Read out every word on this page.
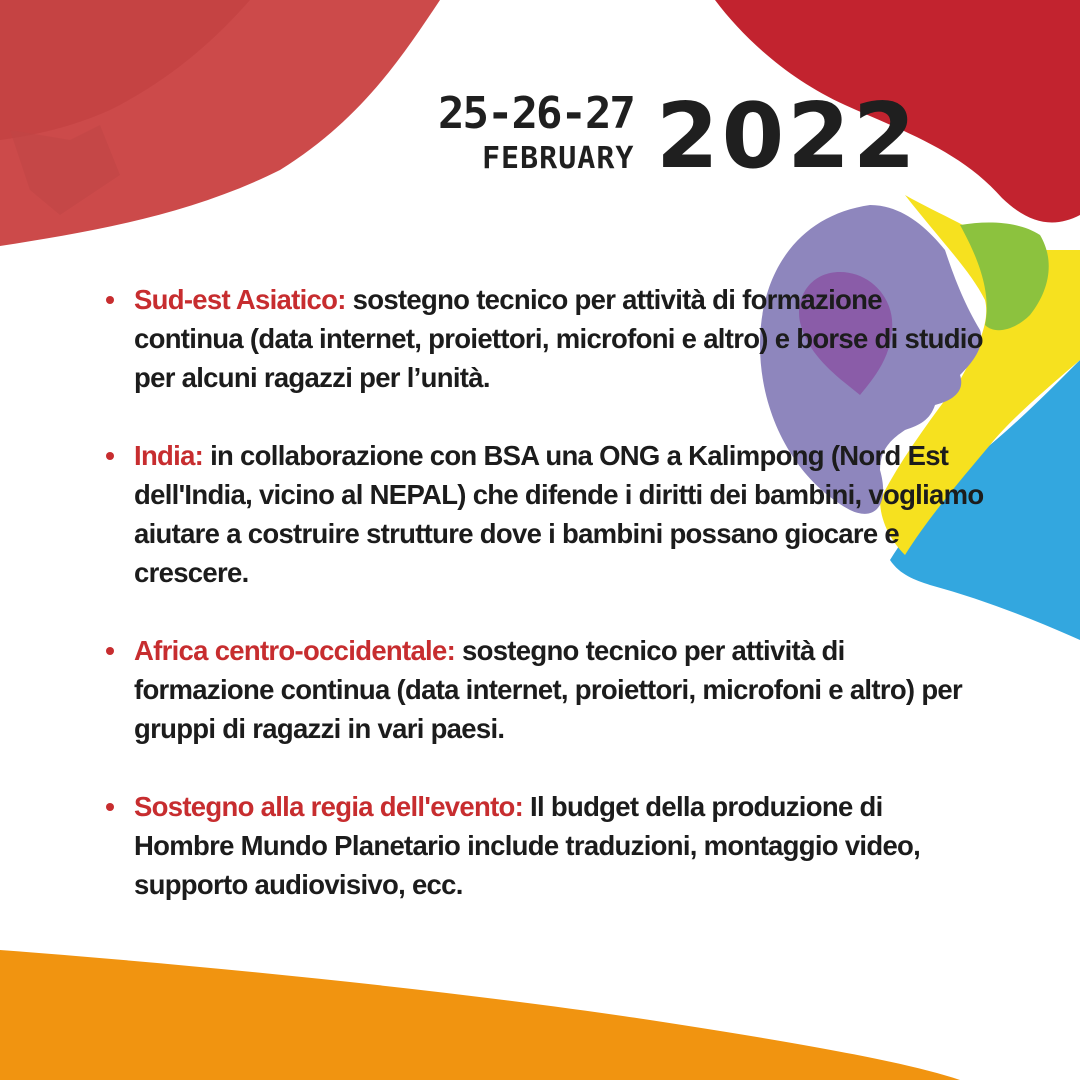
25-26-27
FEBRUARY 2022
Sud-est Asiatico: sostegno tecnico per attività di formazione continua (data internet, proiettori, microfoni e altro) e borse di studio per alcuni ragazzi per l’unità.
India: in collaborazione con BSA una ONG a Kalimpong (Nord Est dell'India, vicino al NEPAL) che difende i diritti dei bambini, vogliamo aiutare a costruire strutture dove i bambini possano giocare e crescere.
Africa centro-occidentale: sostegno tecnico per attività di formazione continua (data internet, proiettori, microfoni e altro) per gruppi di ragazzi in vari paesi.
Sostegno alla regia dell'evento: Il budget della produzione di Hombre Mundo Planetario include traduzioni, montaggio video, supporto audiovisivo, ecc.
